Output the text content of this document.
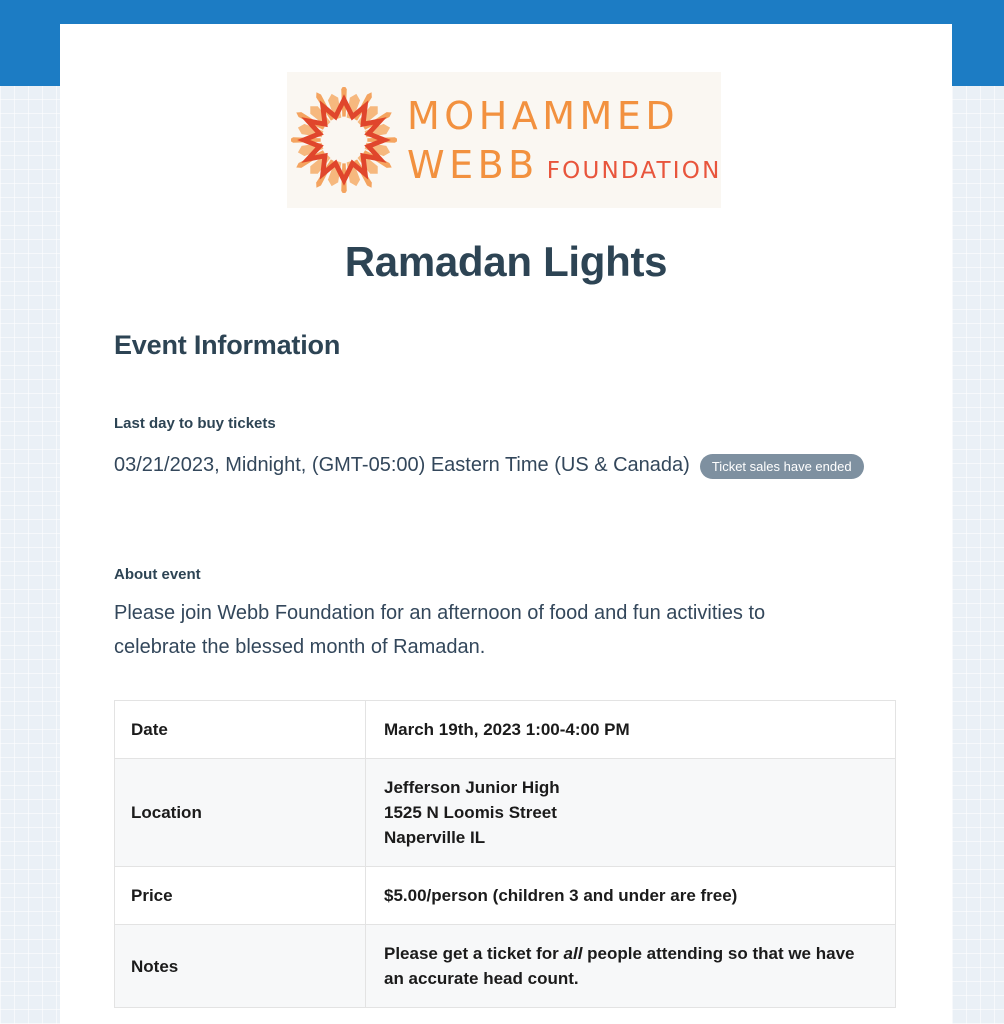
MOHAMMED
WEBB FOUNDATION
Ramadan Lights
Event Information
Last day to buy tickets
03/21/2023, Midnight, (GMT-05:00) Eastern Time (US & Canada) Ticket sales have ended
About event
Please join Webb Foundation for an afternoon of food and fun activities to celebrate the blessed month of Ramadan.
Date	March 19th, 2023 1:00-4:00 PM
Location	Jefferson Junior High
1525 N Loomis Street
Naperville IL

Price	$5.00/person (children 3 and under are free)
Notes	Please get a ticket for all people attending so that we have an accurate head count.
